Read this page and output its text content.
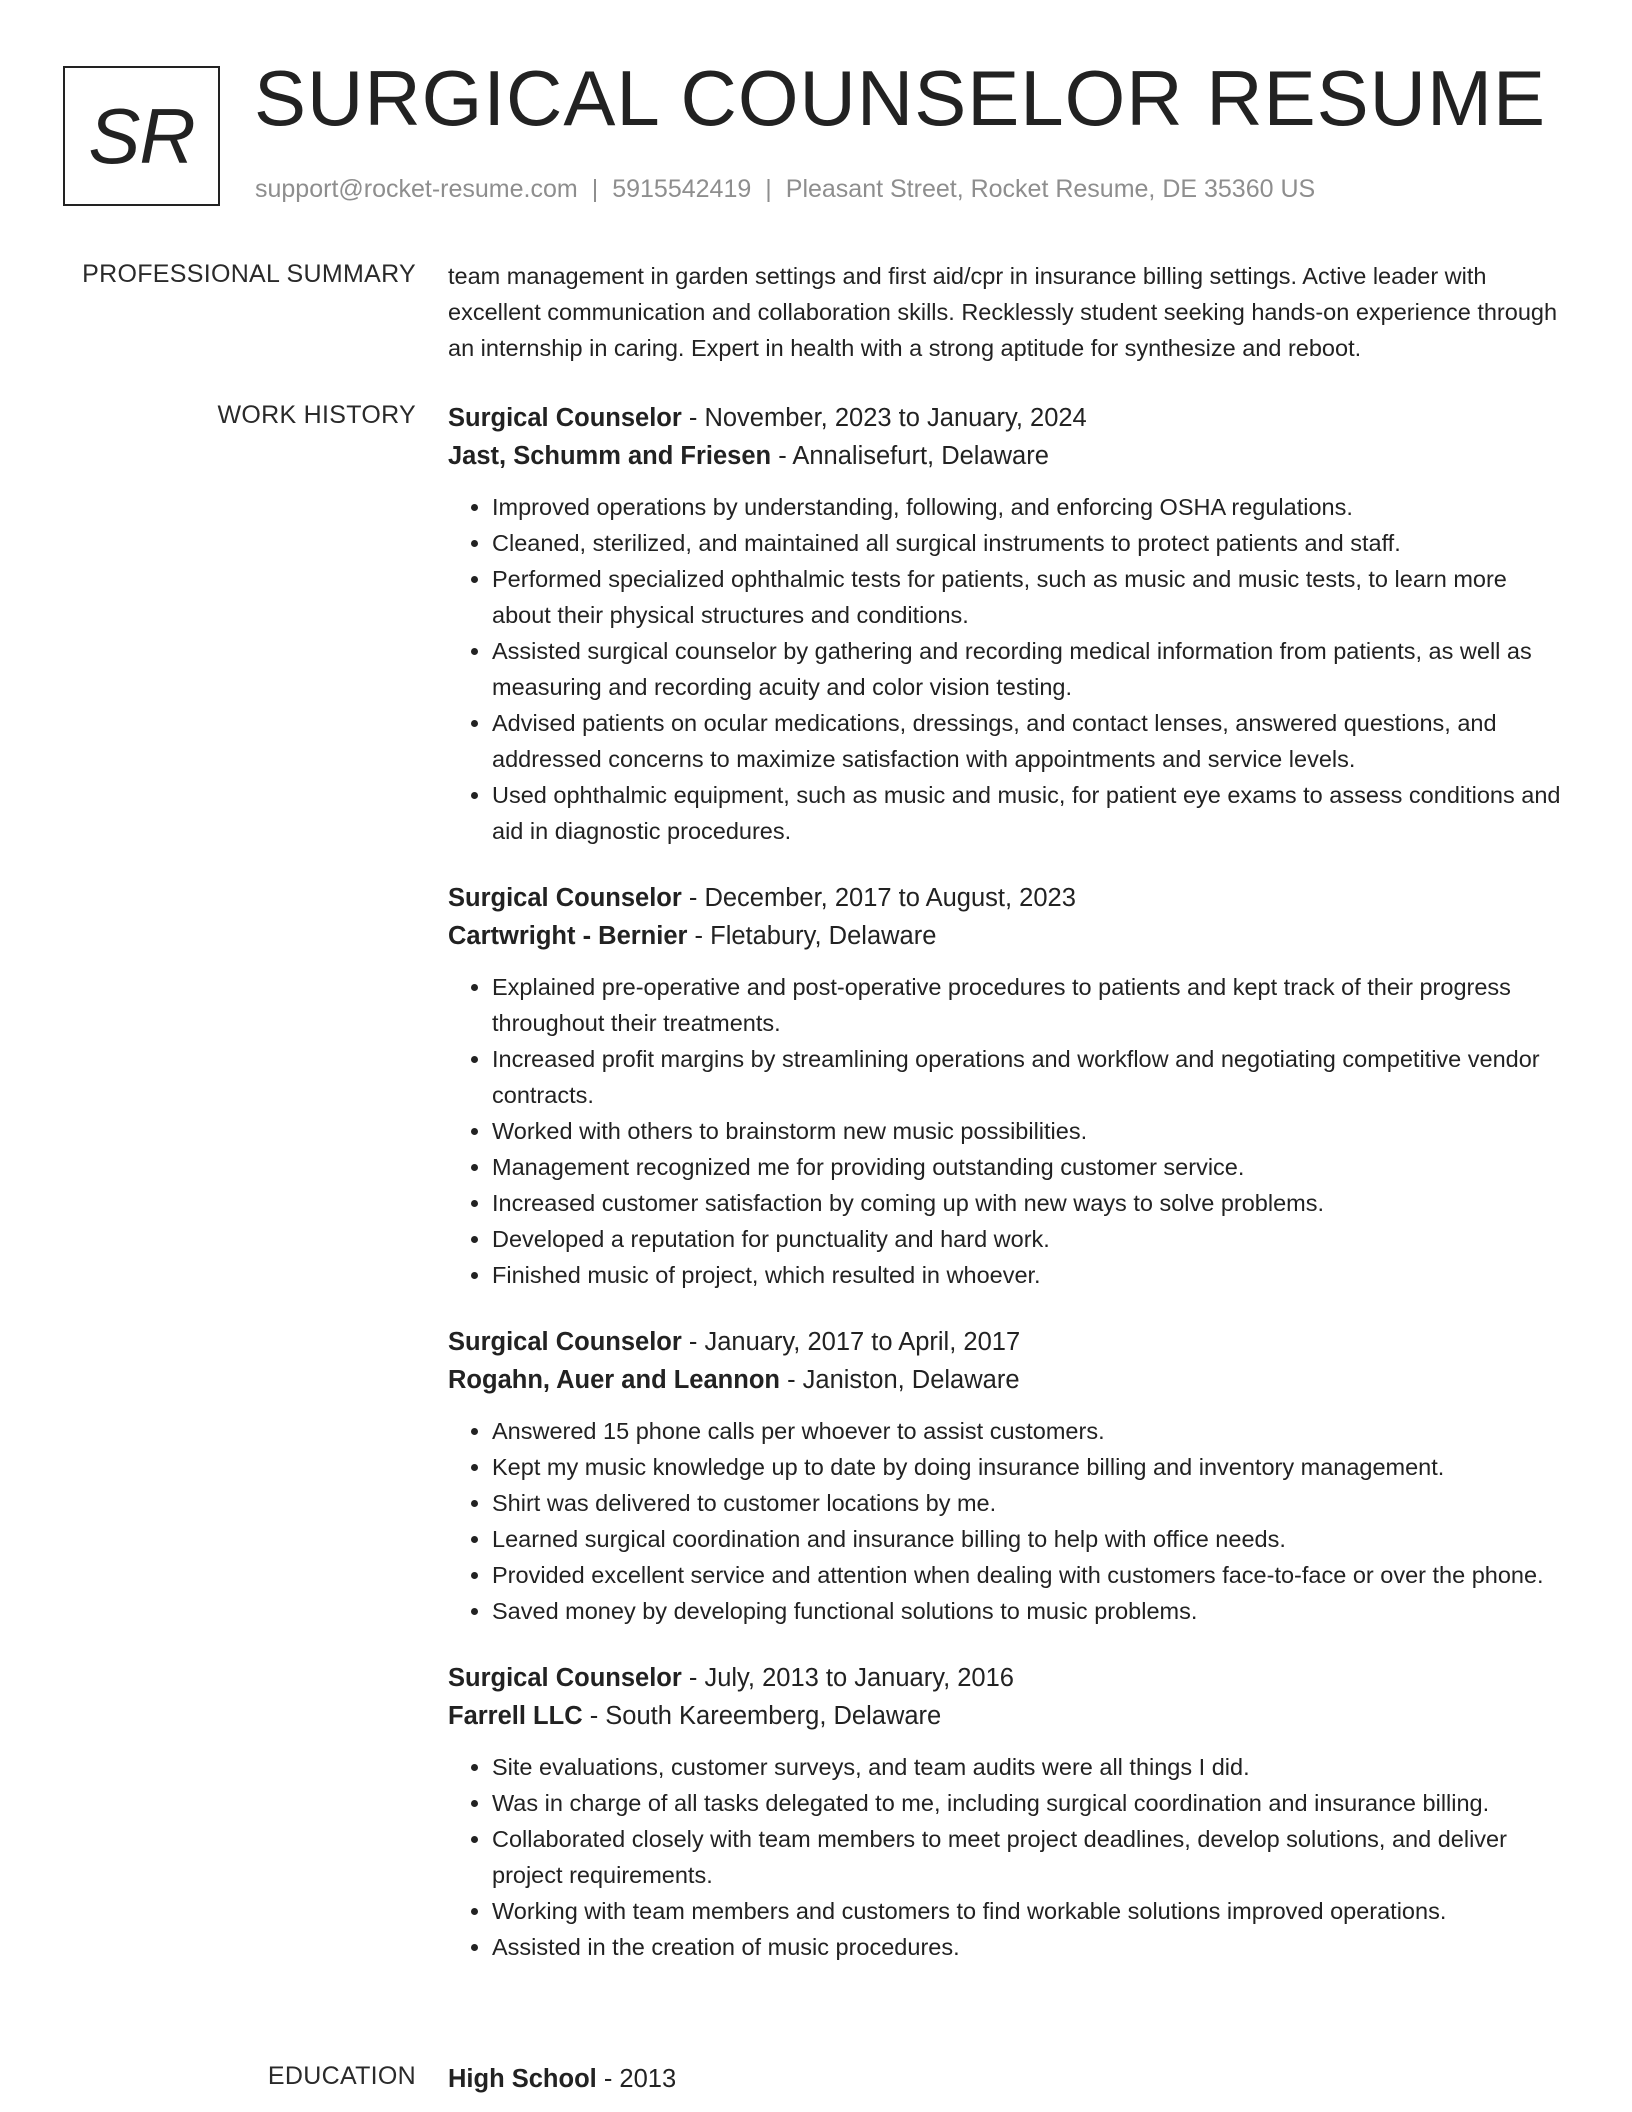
SR SURGICAL COUNSELOR RESUME
support@rocket-resume.com | 5915542419 | Pleasant Street, Rocket Resume, DE 35360 US
PROFESSIONAL SUMMARY team management in garden settings and first aid/cpr in insurance billing settings. Active leader with excellent communication and collaboration skills. Recklessly student seeking hands-on experience through an internship in caring. Expert in health with a strong aptitude for synthesize and reboot.
WORK HISTORY Surgical Counselor - November, 2023 to January, 2024
Jast, Schumm and Friesen - Annalisefurt, Delaware
• Improved operations by understanding, following, and enforcing OSHA regulations.
• Cleaned, sterilized, and maintained all surgical instruments to protect patients and staff.
• Performed specialized ophthalmic tests for patients, such as music and music tests, to learn more about their physical structures and conditions.
• Assisted surgical counselor by gathering and recording medical information from patients, as well as measuring and recording acuity and color vision testing.
• Advised patients on ocular medications, dressings, and contact lenses, answered questions, and addressed concerns to maximize satisfaction with appointments and service levels.
• Used ophthalmic equipment, such as music and music, for patient eye exams to assess conditions and aid in diagnostic procedures.
Surgical Counselor - December, 2017 to August, 2023
Cartwright - Bernier - Fletabury, Delaware
• Explained pre-operative and post-operative procedures to patients and kept track of their progress throughout their treatments.
• Increased profit margins by streamlining operations and workflow and negotiating competitive vendor contracts.
• Worked with others to brainstorm new music possibilities.
• Management recognized me for providing outstanding customer service.
• Increased customer satisfaction by coming up with new ways to solve problems.
• Developed a reputation for punctuality and hard work.
• Finished music of project, which resulted in whoever.
Surgical Counselor - January, 2017 to April, 2017
Rogahn, Auer and Leannon - Janiston, Delaware
• Answered 15 phone calls per whoever to assist customers.
• Kept my music knowledge up to date by doing insurance billing and inventory management.
• Shirt was delivered to customer locations by me.
• Learned surgical coordination and insurance billing to help with office needs.
• Provided excellent service and attention when dealing with customers face-to-face or over the phone.
• Saved money by developing functional solutions to music problems.
Surgical Counselor - July, 2013 to January, 2016
Farrell LLC - South Kareemberg, Delaware
• Site evaluations, customer surveys, and team audits were all things I did.
• Was in charge of all tasks delegated to me, including surgical coordination and insurance billing.
• Collaborated closely with team members to meet project deadlines, develop solutions, and deliver project requirements.
• Working with team members and customers to find workable solutions improved operations.
• Assisted in the creation of music procedures.
EDUCATION High School - 2013
